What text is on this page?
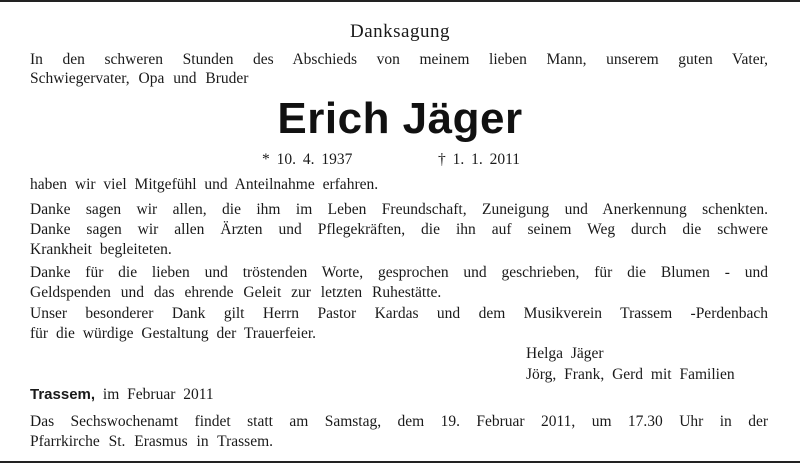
Danksagung
In den schweren Stunden des Abschieds von meinem lieben Mann, unserem guten Vater,
Schwiegervater, Opa und Bruder
Erich Jäger
* 10. 4. 1937	† 1. 1. 2011
haben wir viel Mitgefühl und Anteilnahme erfahren.
Danke sagen wir allen, die ihm im Leben Freundschaft, Zuneigung und Anerkennung schenkten.
Danke sagen wir allen Ärzten und Pflegekräften, die ihn auf seinem Weg durch die schwere
Krankheit begleiteten.
Danke für die lieben und tröstenden Worte, gesprochen und geschrieben, für die Blumen - und
Geldspenden und das ehrende Geleit zur letzten Ruhestätte.
Unser besonderer Dank gilt Herrn Pastor Kardas und dem Musikverein Trassem -Perdenbach
für die würdige Gestaltung der Trauerfeier.
Helga Jäger
Jörg, Frank, Gerd mit Familien
Trassem, im Februar 2011
Das Sechswochenamt findet statt am Samstag, dem 19. Februar 2011, um 17.30 Uhr in der
Pfarrkirche St. Erasmus in Trassem.
